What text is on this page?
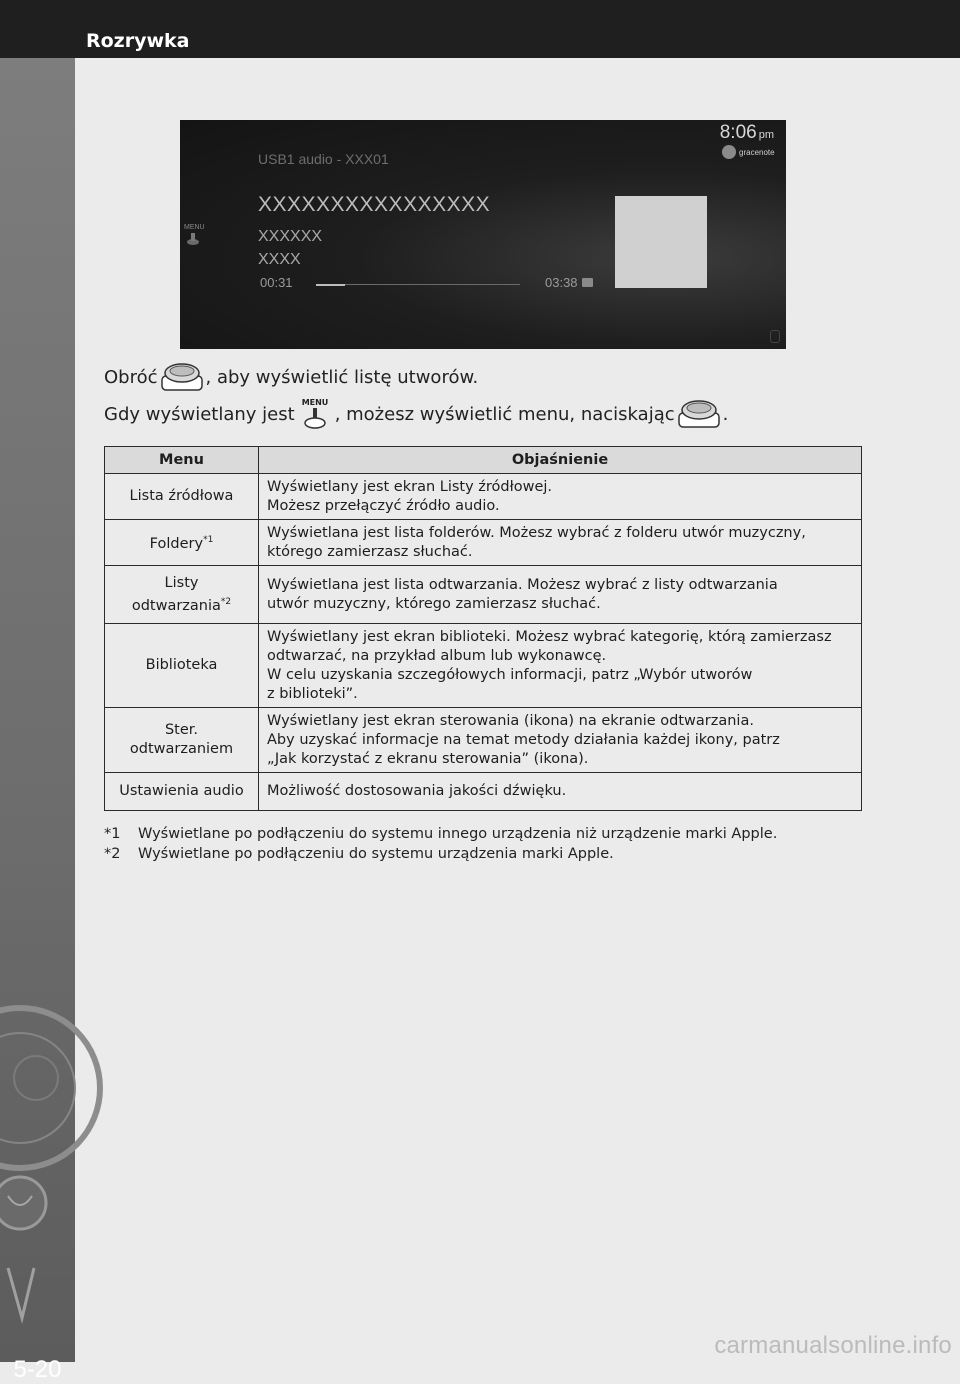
Rozrywka
5-20
8:06 pm
gracenote
USB1 audio - XXX01
XXXXXXXXXXXXXXXX
XXXXXX
XXXX
00:31	03:38
MENU
Obróć	, aby wyświetlić listę utworów.
Gdy wyświetlany jest
MENU
, możesz wyświetlić menu, naciskając	.
Menu	Objaśnienie

Lista źródłowa	Wyświetlany jest ekran Listy źródłowej.
Możesz przełączyć źródło audio.

Foldery$^{*1}$	Wyświetlana jest lista folderów. Możesz wybrać z folderu utwór muzyczny,
którego zamierzasz słuchać.

Listy
odtwarzania$^{*2}$	Wyświetlana jest lista odtwarzania. Możesz wybrać z listy odtwarzania
utwór muzyczny, którego zamierzasz słuchać.

Biblioteka	Wyświetlany jest ekran biblioteki. Możesz wybrać kategorię, którą zamierzasz
odtwarzać, na przykład album lub wykonawcę.
W celu uzyskania szczegółowych informacji, patrz „Wybór utworów
z biblioteki”.

Ster.
odtwarzaniem	Wyświetlany jest ekran sterowania (ikona) na ekranie odtwarzania.
Aby uzyskać informacje na temat metody działania każdej ikony, patrz
„Jak korzystać z ekranu sterowania” (ikona).

Ustawienia audio	Możliwość dostosowania jakości dźwięku.
*1	Wyświetlane po podłączeniu do systemu innego urządzenia niż urządzenie marki Apple.
*2	Wyświetlane po podłączeniu do systemu urządzenia marki Apple.
carmanualsonline.info
